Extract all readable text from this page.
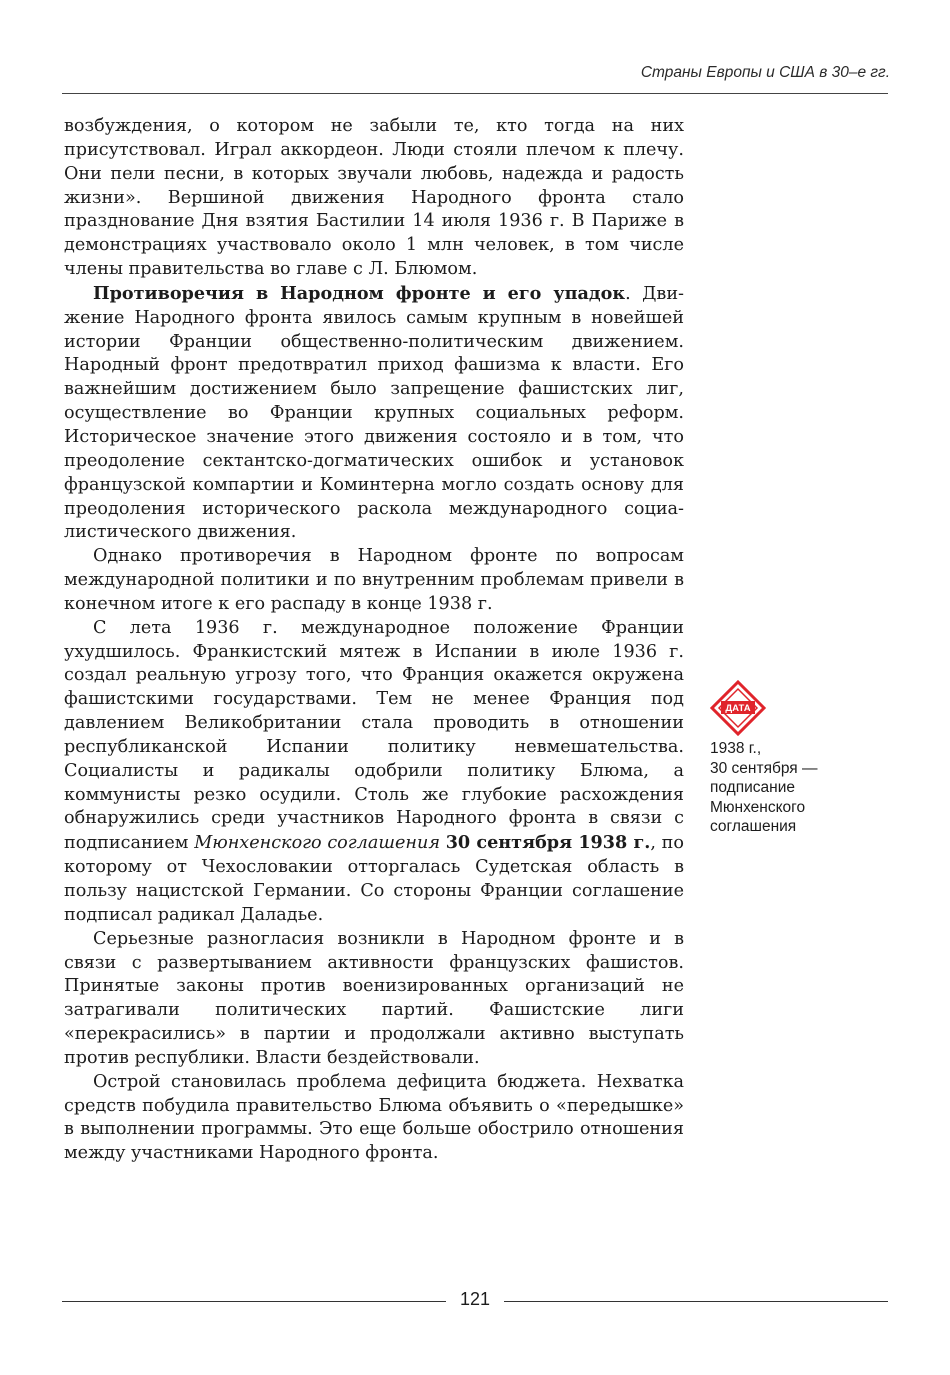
Страны Европы и США в 30–е гг.

возбуждения, о котором не забыли те, кто тогда на них присутствовал. Играл аккордеон. Люди стояли плечом к плечу. Они пели песни, в которых звучали любовь, надежда и радость жизни». Вершиной движения Народного фронта стало празднование Дня взятия Бастилии 14 июля 1936 г. В Париже в демонстрациях участвовало около 1 млн человек, в том числе члены правительства во главе с Л. Блюмом.

Противоречия в Народном фронте и его упадок. Движение Народного фронта явилось самым крупным в новейшей истории Франции общественно-политическим движением. Народный фронт предотвратил приход фашизма к власти. Его важнейшим достижением было запрещение фашистских лиг, осуществление во Франции крупных социальных реформ. Историческое значение этого движения состояло и в том, что преодоление сектантско-догматических ошибок и установок французской компартии и Коминтерна могло создать основу для преодоления исторического раскола международного социалистического движения.

Однако противоречия в Народном фронте по вопросам международной политики и по внутренним проблемам привели в конечном итоге к его распаду в конце 1938 г.

С лета 1936 г. международное положение Франции ухудшилось. Франкистский мятеж в Испании в июле 1936 г. создал реальную угрозу того, что Франция окажется окружена фашистскими государствами. Тем не менее Франция под давлением Великобритании стала проводить в отношении республиканской Испании политику невмешательства. Социалисты и радикалы одобрили политику Блюма, а коммунисты резко осудили. Столь же глубокие расхождения обнаружились среди участников Народного фронта в связи с подписанием Мюнхенского соглашения 30 сентября 1938 г., по которому от Чехословакии отторгалась Судетская область в пользу нацистской Германии. Со стороны Франции соглашение подписал радикал Даладье.

Серьезные разногласия возникли в Народном фронте и в связи с развертыванием активности французских фашистов. Принятые законы против военизированных организаций не затрагивали политических партий. Фашистские лиги «перекрасились» в партии и продолжали активно выступать против республики. Власти бездействовали.

Острой становилась проблема дефицита бюджета. Нехватка средств побудила правительство Блюма объявить о «передышке» в выполнении программы. Это еще больше обострило отношения между участниками Народного фронта.

ДАТА
1938 г.,
30 сентября —
подписание
Мюнхенского
соглашения
121
